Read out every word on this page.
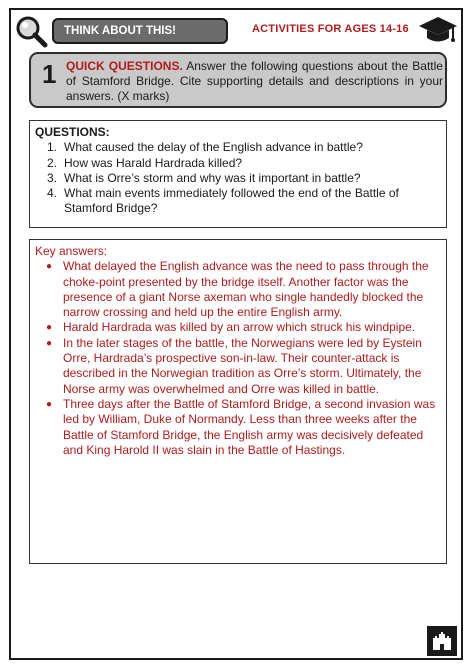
THINK ABOUT THIS!	ACTIVITIES FOR AGES 14-16
1 QUICK QUESTIONS. Answer the following questions about the Battle of Stamford Bridge. Cite supporting details and descriptions in your answers. (X marks)
QUESTIONS:
1. What caused the delay of the English advance in battle?
2. How was Harald Hardrada killed?
3. What is Orre’s storm and why was it important in battle?
4. What main events immediately followed the end of the Battle of Stamford Bridge?
Key answers:
● What delayed the English advance was the need to pass through the choke-point presented by the bridge itself. Another factor was the presence of a giant Norse axeman who single handedly blocked the narrow crossing and held up the entire English army.
● Harald Hardrada was killed by an arrow which struck his windpipe.
● In the later stages of the battle, the Norwegians were led by Eystein Orre, Hardrada’s prospective son-in-law. Their counter-attack is described in the Norwegian tradition as Orre’s storm. Ultimately, the Norse army was overwhelmed and Orre was killed in battle.
● Three days after the Battle of Stamford Bridge, a second invasion was led by William, Duke of Normandy. Less than three weeks after the Battle of Stamford Bridge, the English army was decisively defeated and King Harold II was slain in the Battle of Hastings.
